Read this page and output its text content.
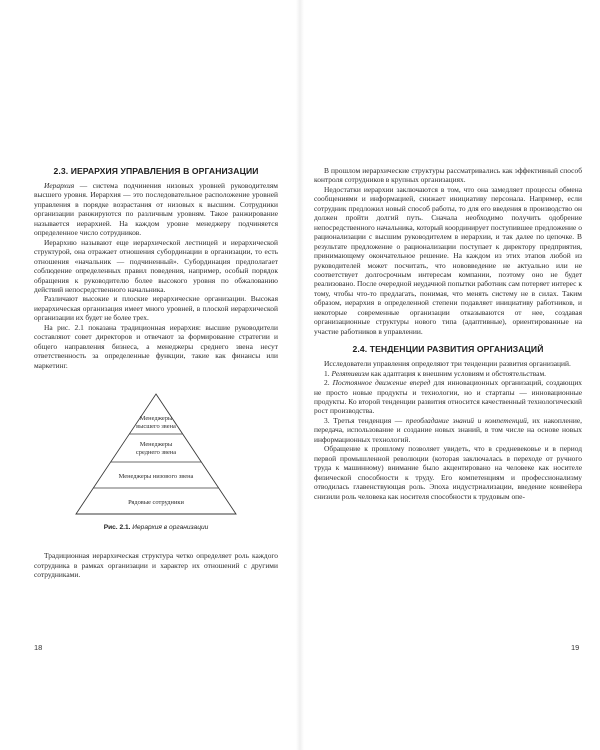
2.3. ИЕРАРХИЯ УПРАВЛЕНИЯ В ОРГАНИЗАЦИИ

Иерархия — система подчинения низовых уровней руководителям высшего уровня. Иерархия — это последовательное расположение уровней управления в порядке возрастания от низовых к высшим. Сотрудники организации ранжируются по различным уровням. Такое ранжирование называется иерархией. На каждом уровне менеджеру подчиняется определенное число сотрудников.

Иерархию называют еще иерархической лестницей и иерархической структурой, она отражает отношения субординации в организации, то есть отношения «начальник — подчиненный». Субординация предполагает соблюдение определенных правил поведения, например, особый порядок обращения к руководителю более высокого уровня по обжалованию действий непосредственного начальника.

Различают высокие и плоские иерархические организации. Высокая иерархическая организация имеет много уровней, в плоской иерархической организации их будет не более трех.

На рис. 2.1 показана традиционная иерархия: высшие руководители составляют совет директоров и отвечают за формирование стратегии и общего направления бизнеса, а менеджеры среднего звена несут ответственность за определенные функции, такие как финансы или маркетинг.

Менеджеры
высшего звена
Менеджеры
среднего звена
Менеджеры низового звена
Рядовые сотрудники
Рис. 2.1. Иерархия в организации

Традиционная иерархическая структура четко определяет роль каждого сотрудника в рамках организации и характер их отношений с другими сотрудниками.

18

В прошлом иерархические структуры рассматривались как эффективный способ контроля сотрудников в крупных организациях.

Недостатки иерархии заключаются в том, что она замедляет процессы обмена сообщениями и информацией, снижает инициативу персонала. Например, если сотрудник предложил новый способ работы, то для его введения в производство он должен пройти долгий путь. Сначала необходимо получить одобрение непосредственного начальника, который координирует поступившее предложение о рационализации с высшим руководителем в иерархии, и так далее по цепочке. В результате предложение о рационализации поступает к директору предприятия, принимающему окончательное решение. На каждом из этих этапов любой из руководителей может посчитать, что нововведение не актуально или не соответствует долгосрочным интересам компании, поэтому оно не будет реализовано. После очередной неудачной попытки работник сам потеряет интерес к тому, чтобы что-то предлагать, понимая, что менять систему не в силах. Таким образом, иерархия в определенной степени подавляет инициативу работников, и некоторые современные организации отказываются от нее, создавая организационные структуры нового типа (адаптивные), ориентированные на участие работников в управлении.

2.4. ТЕНДЕНЦИИ РАЗВИТИЯ ОРГАНИЗАЦИЙ

Исследователи управления определяют три тенденции развития организаций.

1. Релятивизм как адаптация к внешним условиям и обстоятельствам.

2. Постоянное движение вперед для инновационных организаций, создающих не просто новые продукты и технологии, но и стартапы — инновационные продукты. Ко второй тенденции развития относится качественный технологический рост производства.

3. Третья тенденция — преобладание знаний и компетенций, их накопление, передача, использование и создание новых знаний, в том числе на основе новых информационных технологий.

Обращение к прошлому позволяет увидеть, что в средневековье и в период первой промышленной революции (которая заключалась в переходе от ручного труда к машинному) внимание было акцентировано на человеке как носителе физической способности к труду. Его компетенциям и профессионализму отводилась главенствующая роль. Эпоха индустриализации, введение конвейера снизили роль человека как носителя способности к трудовым опе-

19
